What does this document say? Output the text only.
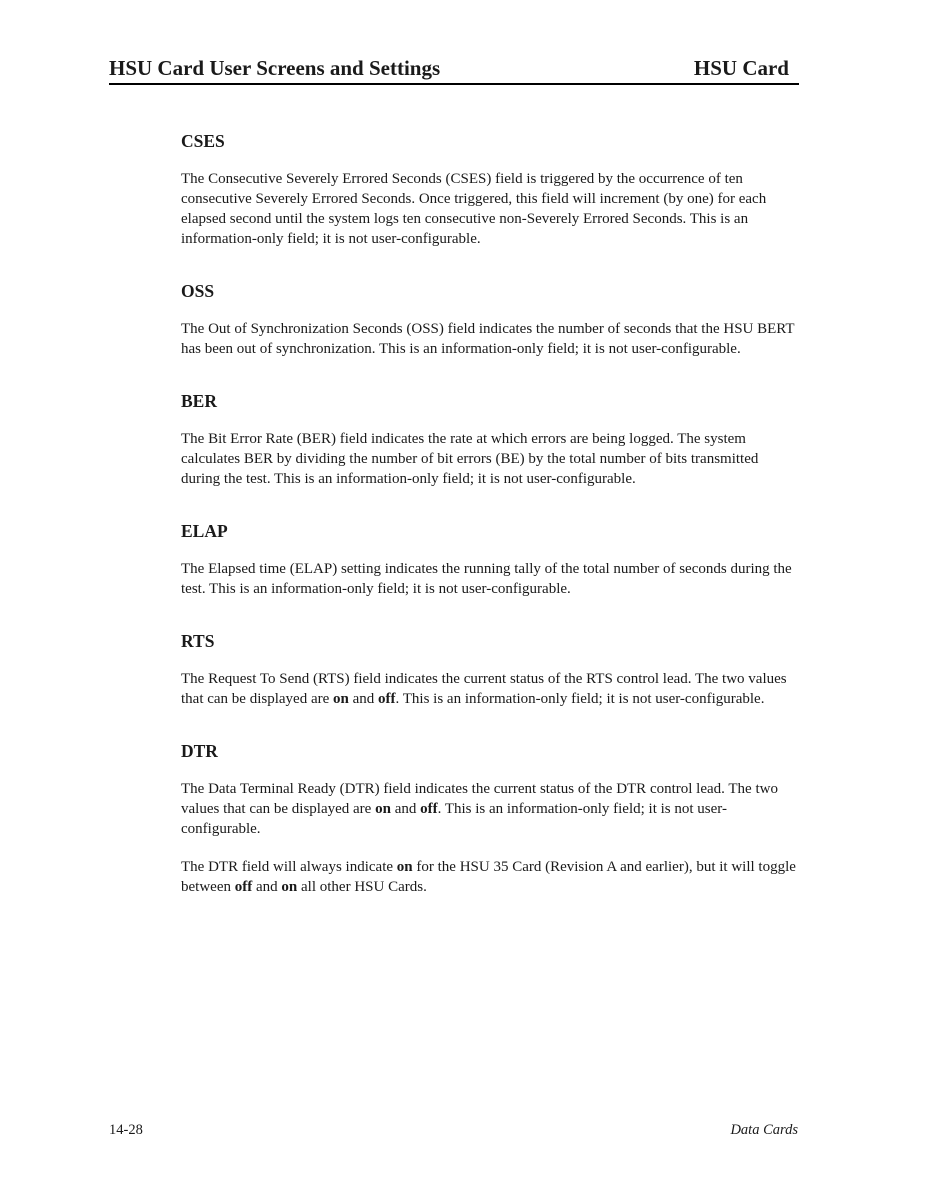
HSU Card User Screens and Settings	HSU Card
CSES

The Consecutive Severely Errored Seconds (CSES) field is triggered by the occurrence of ten consecutive Severely Errored Seconds. Once triggered, this field will increment (by one) for each elapsed second until the system logs ten consecutive non-Severely Errored Seconds. This is an information-only field; it is not user-configurable.

OSS

The Out of Synchronization Seconds (OSS) field indicates the number of seconds that the HSU BERT has been out of synchronization. This is an information-only field; it is not user-configurable.

BER

The Bit Error Rate (BER) field indicates the rate at which errors are being logged. The system calculates BER by dividing the number of bit errors (BE) by the total number of bits transmitted during the test. This is an information-only field; it is not user-configurable.

ELAP

The Elapsed time (ELAP) setting indicates the running tally of the total number of seconds during the test. This is an information-only field; it is not user-configurable.

RTS

The Request To Send (RTS) field indicates the current status of the RTS control lead. The two values that can be displayed are on and off. This is an information-only field; it is not user-configurable.

DTR

The Data Terminal Ready (DTR) field indicates the current status of the DTR control lead. The two values that can be displayed are on and off. This is an information-only field; it is not user-configurable.

The DTR field will always indicate on for the HSU 35 Card (Revision A and earlier), but it will toggle between off and on all other HSU Cards.

14-28	Data Cards
